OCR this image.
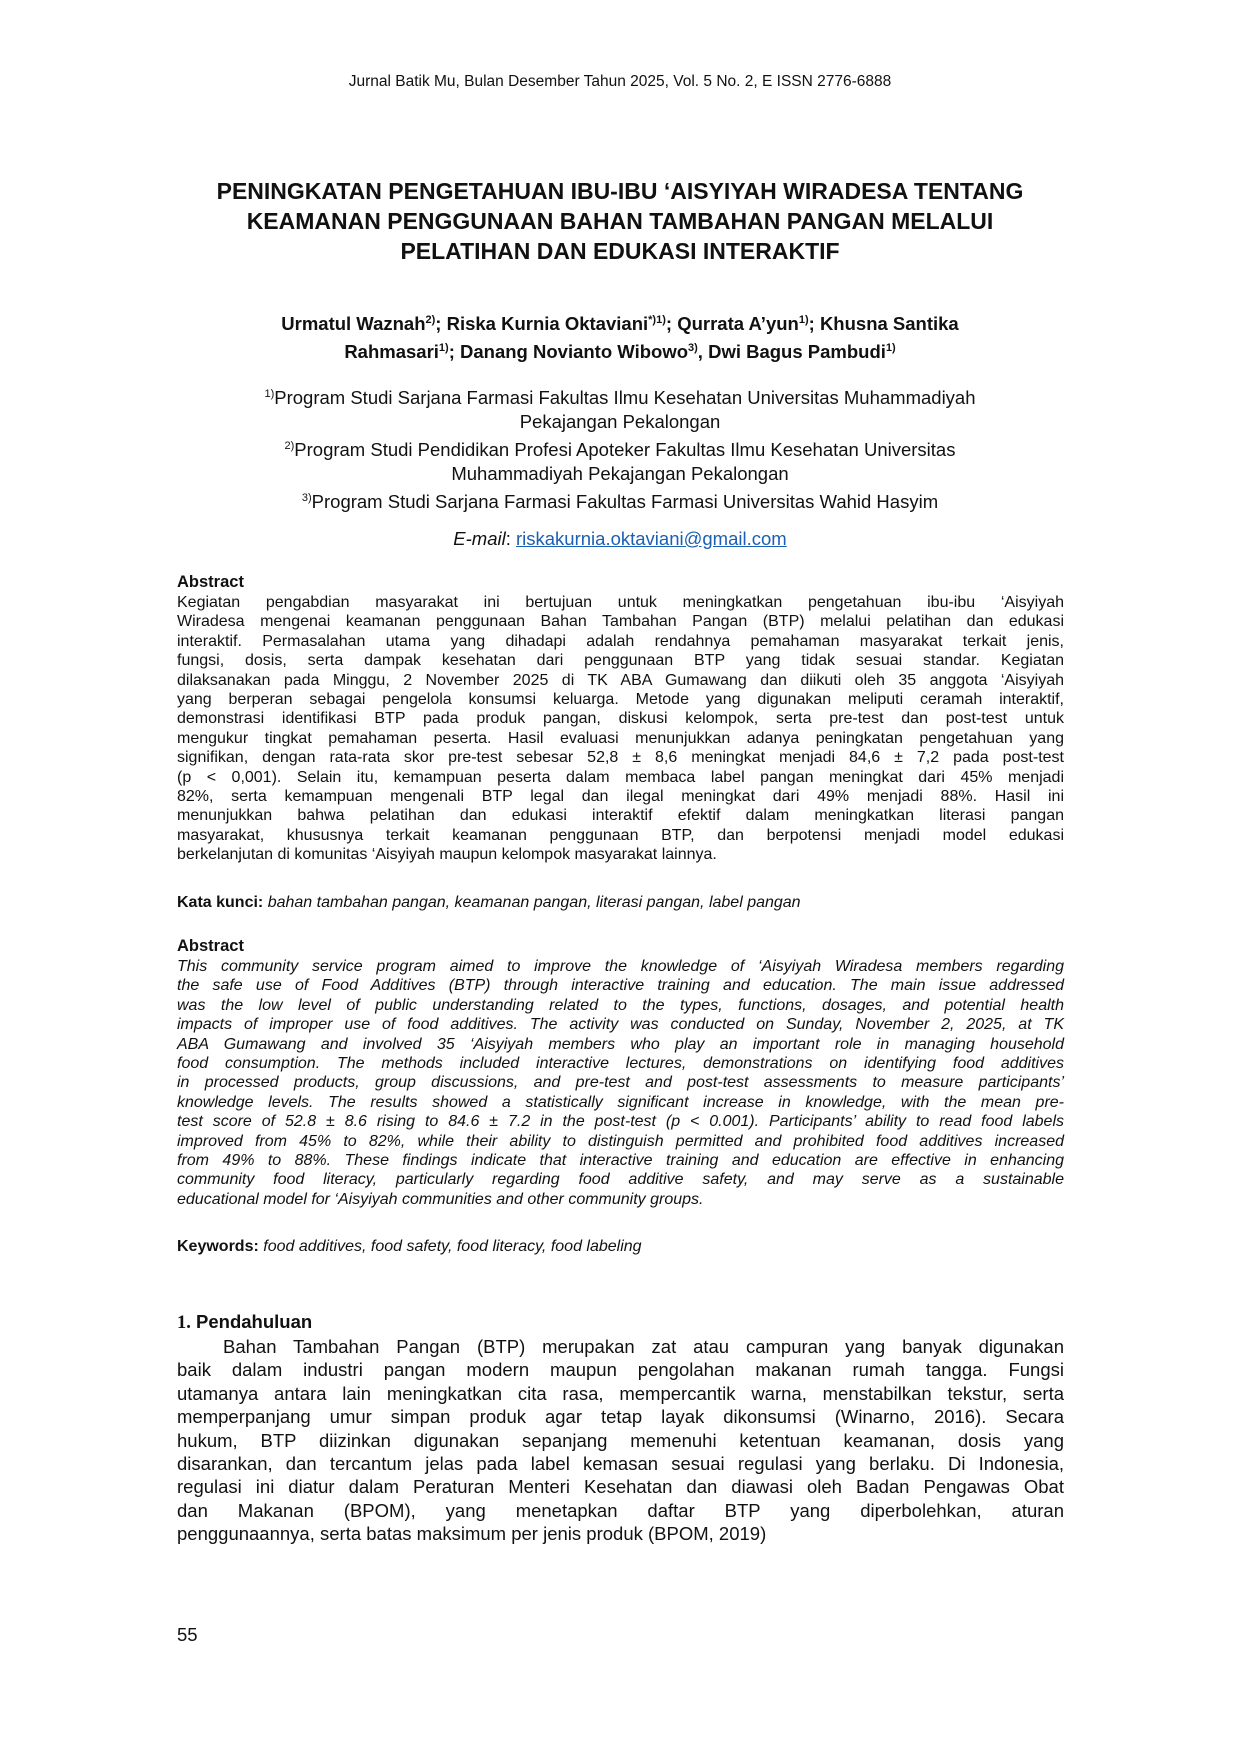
Jurnal Batik Mu, Bulan Desember Tahun 2025, Vol. 5 No. 2, E ISSN 2776-6888
PENINGKATAN PENGETAHUAN IBU-IBU ‘AISYIYAH WIRADESA TENTANG
KEAMANAN PENGGUNAAN BAHAN TAMBAHAN PANGAN MELALUI
PELATIHAN DAN EDUKASI INTERAKTIF
Urmatul Waznah$^{2)}$; Riska Kurnia Oktaviani$^{*)1)}$; Qurrata A’yun$^{1)}$; Khusna Santika
Rahmasari$^{1)}$; Danang Novianto Wibowo$^{3)}$, Dwi Bagus Pambudi$^{1)}$
$^{1)}$Program Studi Sarjana Farmasi Fakultas Ilmu Kesehatan Universitas Muhammadiyah
Pekajangan Pekalongan
$^{2)}$Program Studi Pendidikan Profesi Apoteker Fakultas Ilmu Kesehatan Universitas
Muhammadiyah Pekajangan Pekalongan
$^{3)}$Program Studi Sarjana Farmasi Fakultas Farmasi Universitas Wahid Hasyim
E-mail: riskakurnia.oktaviani@gmail.com
Abstract
Kegiatan pengabdian masyarakat ini bertujuan untuk meningkatkan pengetahuan ibu-ibu ‘Aisyiyah
Wiradesa mengenai keamanan penggunaan Bahan Tambahan Pangan (BTP) melalui pelatihan dan edukasi
interaktif. Permasalahan utama yang dihadapi adalah rendahnya pemahaman masyarakat terkait jenis,
fungsi, dosis, serta dampak kesehatan dari penggunaan BTP yang tidak sesuai standar. Kegiatan
dilaksanakan pada Minggu, 2 November 2025 di TK ABA Gumawang dan diikuti oleh 35 anggota ‘Aisyiyah
yang berperan sebagai pengelola konsumsi keluarga. Metode yang digunakan meliputi ceramah interaktif,
demonstrasi identifikasi BTP pada produk pangan, diskusi kelompok, serta pre-test dan post-test untuk
mengukur tingkat pemahaman peserta. Hasil evaluasi menunjukkan adanya peningkatan pengetahuan yang
signifikan, dengan rata-rata skor pre-test sebesar 52,8 ± 8,6 meningkat menjadi 84,6 ± 7,2 pada post-test
(p < 0,001). Selain itu, kemampuan peserta dalam membaca label pangan meningkat dari 45% menjadi
82%, serta kemampuan mengenali BTP legal dan ilegal meningkat dari 49% menjadi 88%. Hasil ini
menunjukkan bahwa pelatihan dan edukasi interaktif efektif dalam meningkatkan literasi pangan
masyarakat, khususnya terkait keamanan penggunaan BTP, dan berpotensi menjadi model edukasi
berkelanjutan di komunitas ‘Aisyiyah maupun kelompok masyarakat lainnya.
Kata kunci: bahan tambahan pangan, keamanan pangan, literasi pangan, label pangan
Abstract
This community service program aimed to improve the knowledge of ‘Aisyiyah Wiradesa members regarding
the safe use of Food Additives (BTP) through interactive training and education. The main issue addressed
was the low level of public understanding related to the types, functions, dosages, and potential health
impacts of improper use of food additives. The activity was conducted on Sunday, November 2, 2025, at TK
ABA Gumawang and involved 35 ‘Aisyiyah members who play an important role in managing household
food consumption. The methods included interactive lectures, demonstrations on identifying food additives
in processed products, group discussions, and pre-test and post-test assessments to measure participants’
knowledge levels. The results showed a statistically significant increase in knowledge, with the mean pre-
test score of 52.8 ± 8.6 rising to 84.6 ± 7.2 in the post-test (p < 0.001). Participants’ ability to read food labels
improved from 45% to 82%, while their ability to distinguish permitted and prohibited food additives increased
from 49% to 88%. These findings indicate that interactive training and education are effective in enhancing
community food literacy, particularly regarding food additive safety, and may serve as a sustainable
educational model for ‘Aisyiyah communities and other community groups.
Keywords: food additives, food safety, food literacy, food labeling
1. Pendahuluan
Bahan Tambahan Pangan (BTP) merupakan zat atau campuran yang banyak digunakan
baik dalam industri pangan modern maupun pengolahan makanan rumah tangga. Fungsi
utamanya antara lain meningkatkan cita rasa, mempercantik warna, menstabilkan tekstur, serta
memperpanjang umur simpan produk agar tetap layak dikonsumsi (Winarno, 2016). Secara
hukum, BTP diizinkan digunakan sepanjang memenuhi ketentuan keamanan, dosis yang
disarankan, dan tercantum jelas pada label kemasan sesuai regulasi yang berlaku. Di Indonesia,
regulasi ini diatur dalam Peraturan Menteri Kesehatan dan diawasi oleh Badan Pengawas Obat
dan Makanan (BPOM), yang menetapkan daftar BTP yang diperbolehkan, aturan
penggunaannya, serta batas maksimum per jenis produk (BPOM, 2019)
55
